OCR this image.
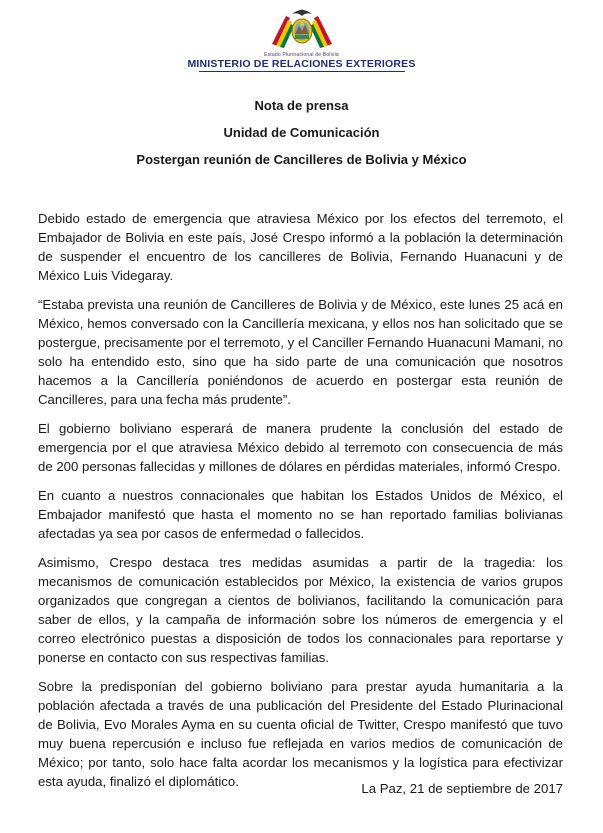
Estado Plurinacional de Bolivia
MINISTERIO DE RELACIONES EXTERIORES
Nota de prensa
Unidad de Comunicación
Postergan reunión de Cancilleres de Bolivia y México

Debido estado de emergencia que atraviesa México por los efectos del terremoto, el Embajador de Bolivia en este país, José Crespo informó a la población la determinación de suspender el encuentro de los cancilleres de Bolivia, Fernando Huanacuni y de México Luis Videgaray.

“Estaba prevista una reunión de Cancilleres de Bolivia y de México, este lunes 25 acá en México, hemos conversado con la Cancillería mexicana, y ellos nos han solicitado que se postergue, precisamente por el terremoto, y el Canciller Fernando Huanacuni Mamani, no solo ha entendido esto, sino que ha sido parte de una comunicación que nosotros hacemos a la Cancillería poniéndonos de acuerdo en postergar esta reunión de Cancilleres, para una fecha más prudente”.

El gobierno boliviano esperará de manera prudente la conclusión del estado de emergencia por el que atraviesa México debido al terremoto con consecuencia de más de 200 personas fallecidas y millones de dólares en pérdidas materiales, informó Crespo.

En cuanto a nuestros connacionales que habitan los Estados Unidos de México, el Embajador manifestó que hasta el momento no se han reportado familias bolivianas afectadas ya sea por casos de enfermedad o fallecidos.

Asimismo, Crespo destaca tres medidas asumidas a partir de la tragedia: los mecanismos de comunicación establecidos por México, la existencia de varios grupos organizados que congregan a cientos de bolivianos, facilitando la comunicación para saber de ellos, y la campaña de información sobre los números de emergencia y el correo electrónico puestas a disposición de todos los connacionales para reportarse y ponerse en contacto con sus respectivas familias.

Sobre la predisponían del gobierno boliviano para prestar ayuda humanitaria a la población afectada a través de una publicación del Presidente del Estado Plurinacional de Bolivia, Evo Morales Ayma en su cuenta oficial de Twitter, Crespo manifestó que tuvo muy buena repercusión e incluso fue reflejada en varios medios de comunicación de México; por tanto, solo hace falta acordar los mecanismos y la logística para efectivizar esta ayuda, finalizó el diplomático.	La Paz, 21 de septiembre de 2017
